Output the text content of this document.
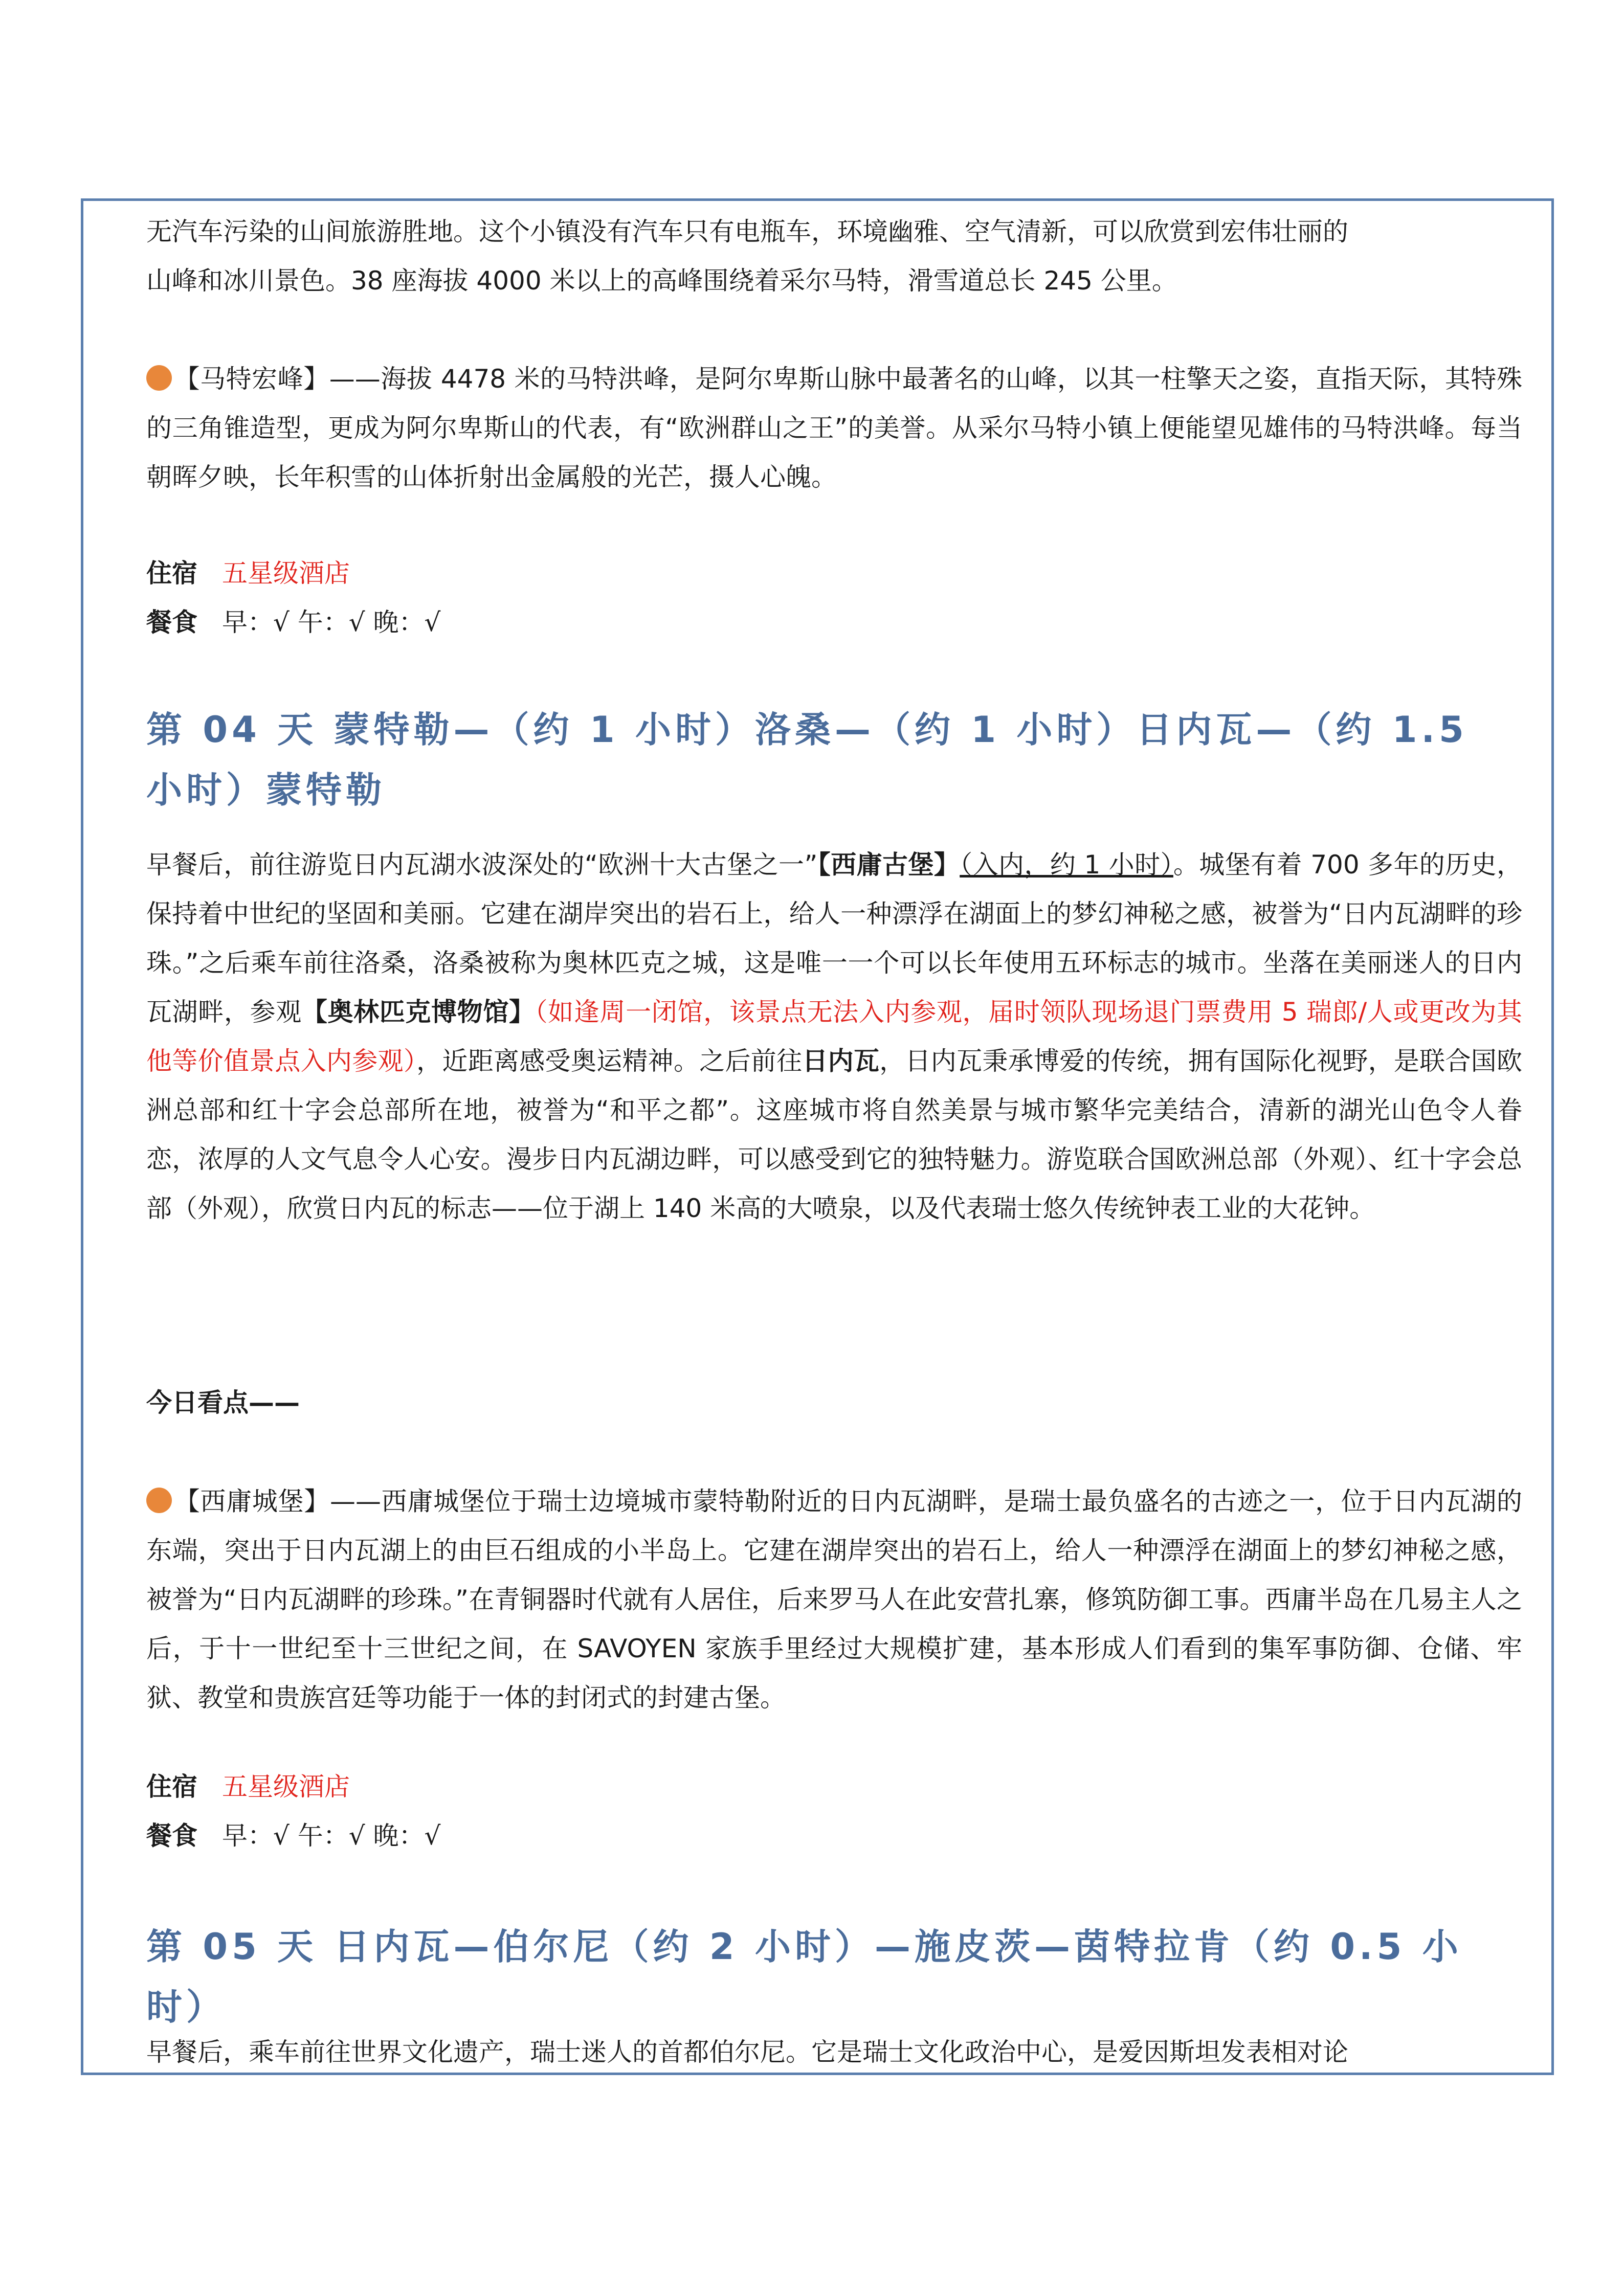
无汽车污染的山间旅游胜地。这个小镇没有汽车只有电瓶车，环境幽雅、空气清新，可以欣赏到宏伟壮丽的

山峰和冰川景色。38 座海拔 4000 米以上的高峰围绕着采尔马特，滑雪道总长 245 公里。

【马特宏峰】——海拔 4478 米的马特洪峰，是阿尔卑斯山脉中最著名的山峰，以其一柱擎天之姿，直指天际，其特殊的三角锥造型，更成为阿尔卑斯山的代表，有“欧洲群山之王”的美誉。从采尔马特小镇上便能望见雄伟的马特洪峰。每当朝晖夕映，长年积雪的山体折射出金属般的光芒，摄人心魄。

住宿 五星级酒店

餐食 早：√ 午：√ 晚：√

第 04 天 蒙特勒—（约 1 小时）洛桑—（约 1 小时）日内瓦—（约 1.5

小时）蒙特勒

早餐后，前往游览日内瓦湖水波深处的“欧洲十大古堡之一”【西庸古堡】（入内，约 1 小时）。城堡有着 700 多年的历史，保持着中世纪的坚固和美丽。它建在湖岸突出的岩石上，给人一种漂浮在湖面上的梦幻神秘之感，被誉为“日内瓦湖畔的珍珠。”之后乘车前往洛桑，洛桑被称为奥林匹克之城，这是唯一一个可以长年使用五环标志的城市。坐落在美丽迷人的日内瓦湖畔，参观【奥林匹克博物馆】（如逢周一闭馆，该景点无法入内参观，届时领队现场退门票费用 5 瑞郎/人或更改为其他等价值景点入内参观），近距离感受奥运精神。之后前往日内瓦，日内瓦秉承博爱的传统，拥有国际化视野，是联合国欧洲总部和红十字会总部所在地，被誉为“和平之都”。这座城市将自然美景与城市繁华完美结合，清新的湖光山色令人眷恋，浓厚的人文气息令人心安。漫步日内瓦湖边畔，可以感受到它的独特魅力。游览联合国欧洲总部（外观）、红十字会总部（外观），欣赏日内瓦的标志——位于湖上 140 米高的大喷泉，以及代表瑞士悠久传统钟表工业的大花钟。

今日看点——

【西庸城堡】——西庸城堡位于瑞士边境城市蒙特勒附近的日内瓦湖畔，是瑞士最负盛名的古迹之一，位于日内瓦湖的东端，突出于日内瓦湖上的由巨石组成的小半岛上。它建在湖岸突出的岩石上，给人一种漂浮在湖面上的梦幻神秘之感，被誉为“日内瓦湖畔的珍珠。”在青铜器时代就有人居住，后来罗马人在此安营扎寨，修筑防御工事。西庸半岛在几易主人之后，于十一世纪至十三世纪之间，在 SAVOYEN 家族手里经过大规模扩建，基本形成人们看到的集军事防御、仓储、牢狱、教堂和贵族宫廷等功能于一体的封闭式的封建古堡。

住宿 五星级酒店

餐食 早：√ 午：√ 晚：√

第 05 天 日内瓦—伯尔尼（约 2 小时）—施皮茨—茵特拉肯（约 0.5 小

时）

早餐后，乘车前往世界文化遗产，瑞士迷人的首都伯尔尼。它是瑞士文化政治中心，是爱因斯坦发表相对论
